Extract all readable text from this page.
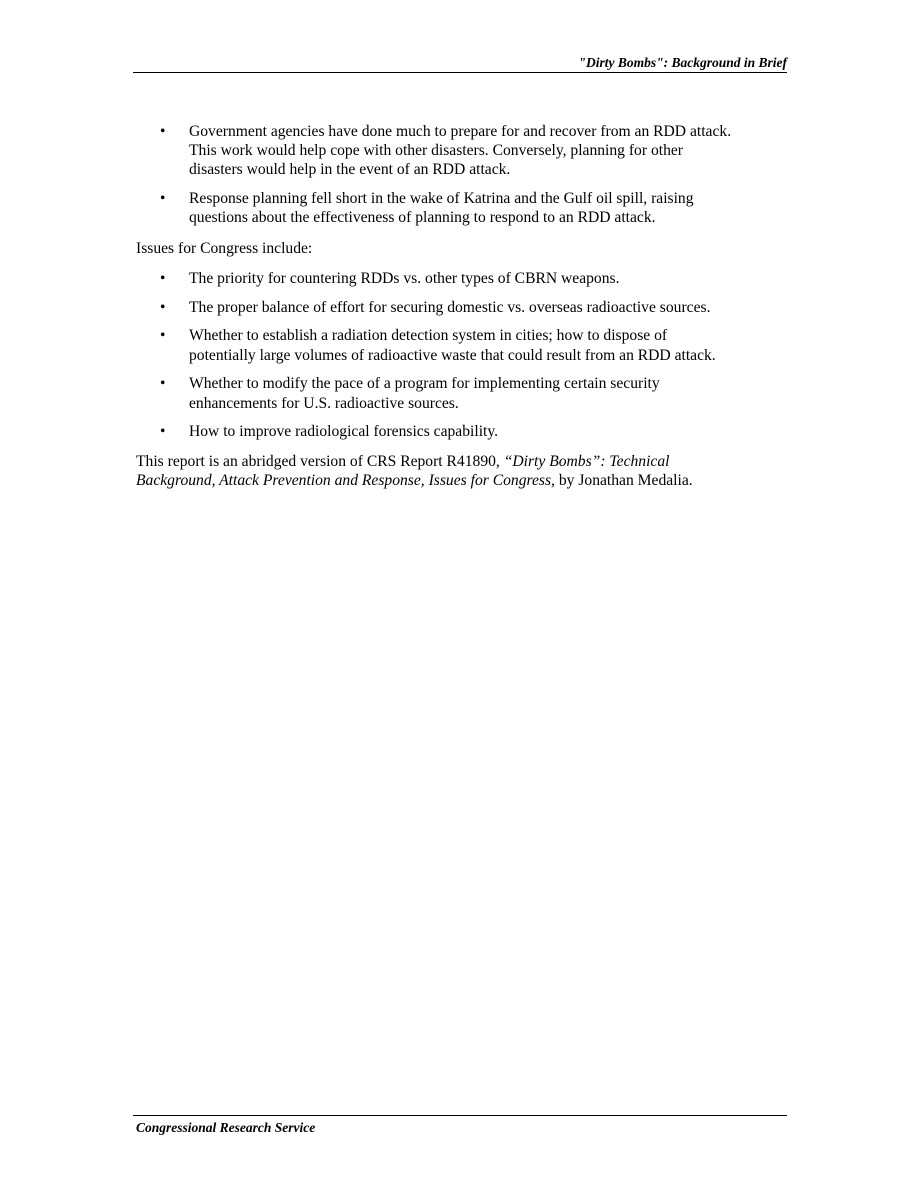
"Dirty Bombs": Background in Brief
• Government agencies have done much to prepare for and recover from an RDD attack. This work would help cope with other disasters. Conversely, planning for other disasters would help in the event of an RDD attack.
• Response planning fell short in the wake of Katrina and the Gulf oil spill, raising questions about the effectiveness of planning to respond to an RDD attack.

Issues for Congress include:

• The priority for countering RDDs vs. other types of CBRN weapons.
• The proper balance of effort for securing domestic vs. overseas radioactive sources.
• Whether to establish a radiation detection system in cities; how to dispose of potentially large volumes of radioactive waste that could result from an RDD attack.
• Whether to modify the pace of a program for implementing certain security enhancements for U.S. radioactive sources.
• How to improve radiological forensics capability.

This report is an abridged version of CRS Report R41890, “Dirty Bombs”: Technical Background, Attack Prevention and Response, Issues for Congress, by Jonathan Medalia.

Congressional Research Service
